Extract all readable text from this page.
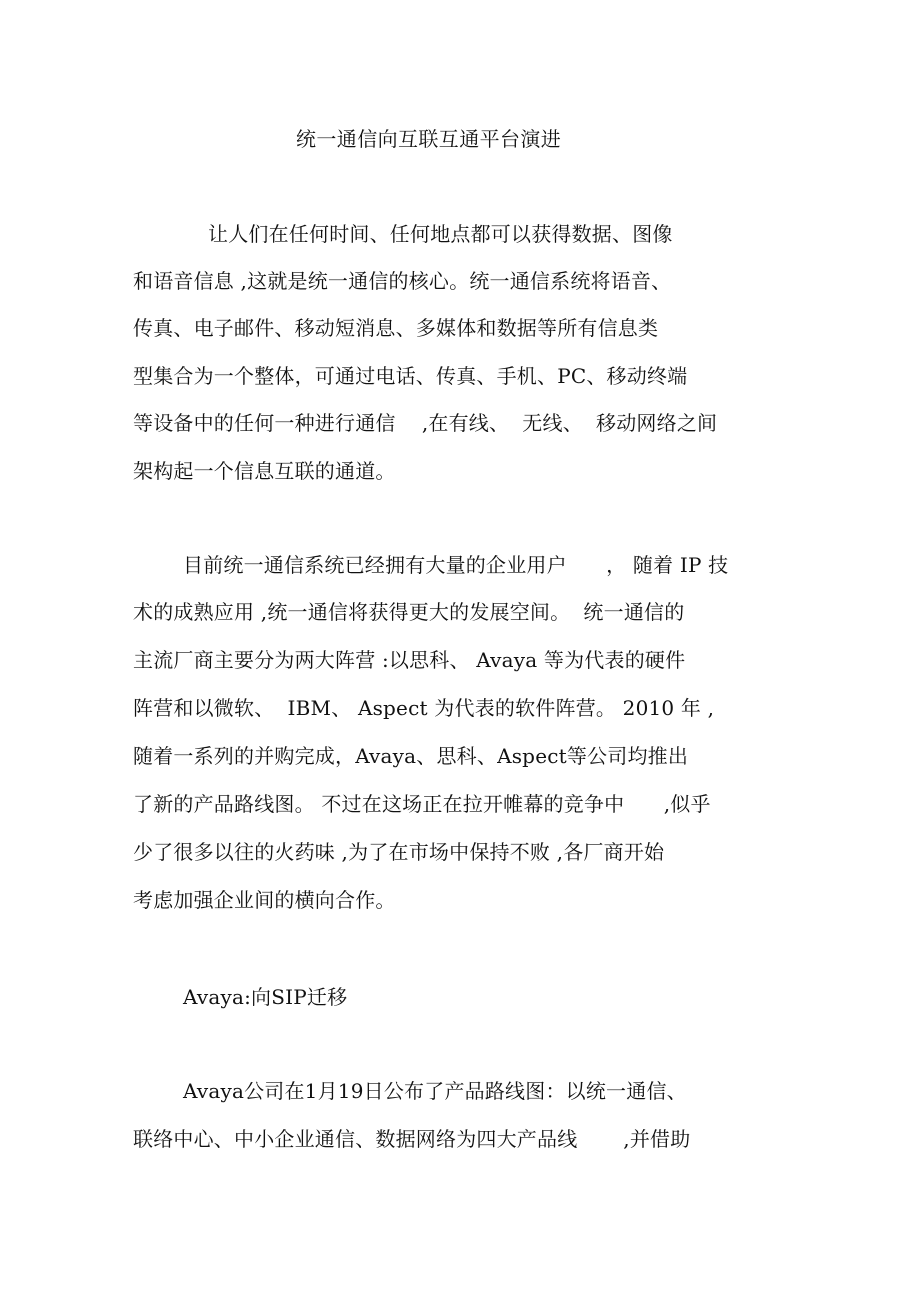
统一通信向互联互通平台演进
让人们在任何时间、任何地点都可以获得数据、图像
和语音信息 ,这就是统一通信的核心。统一通信系统将语音、
传真、电子邮件、移动短消息、多媒体和数据等所有信息类
型集合为一个整体，可通过电话、传真、手机、PC、移动终端
等设备中的任何一种进行通信    ,在有线、  无线、  移动网络之间
架构起一个信息互联的通道。
目前统一通信系统已经拥有大量的企业用户      ， 随着 IP 技
术的成熟应用 ,统一通信将获得更大的发展空间。  统一通信的
主流厂商主要分为两大阵营 :以思科、 Avaya 等为代表的硬件
阵营和以微软、  IBM、 Aspect 为代表的软件阵营。 2010 年 ,
随着一系列的并购完成，Avaya、思科、Aspect等公司均推出
了新的产品路线图。 不过在这场正在拉开帷幕的竞争中      ,似乎
少了很多以往的火药味 ,为了在市场中保持不败 ,各厂商开始
考虑加强企业间的横向合作。
Avaya:向SIP迁移
Avaya公司在1月19日公布了产品路线图：以统一通信、
联络中心、中小企业通信、数据网络为四大产品线       ,并借助
